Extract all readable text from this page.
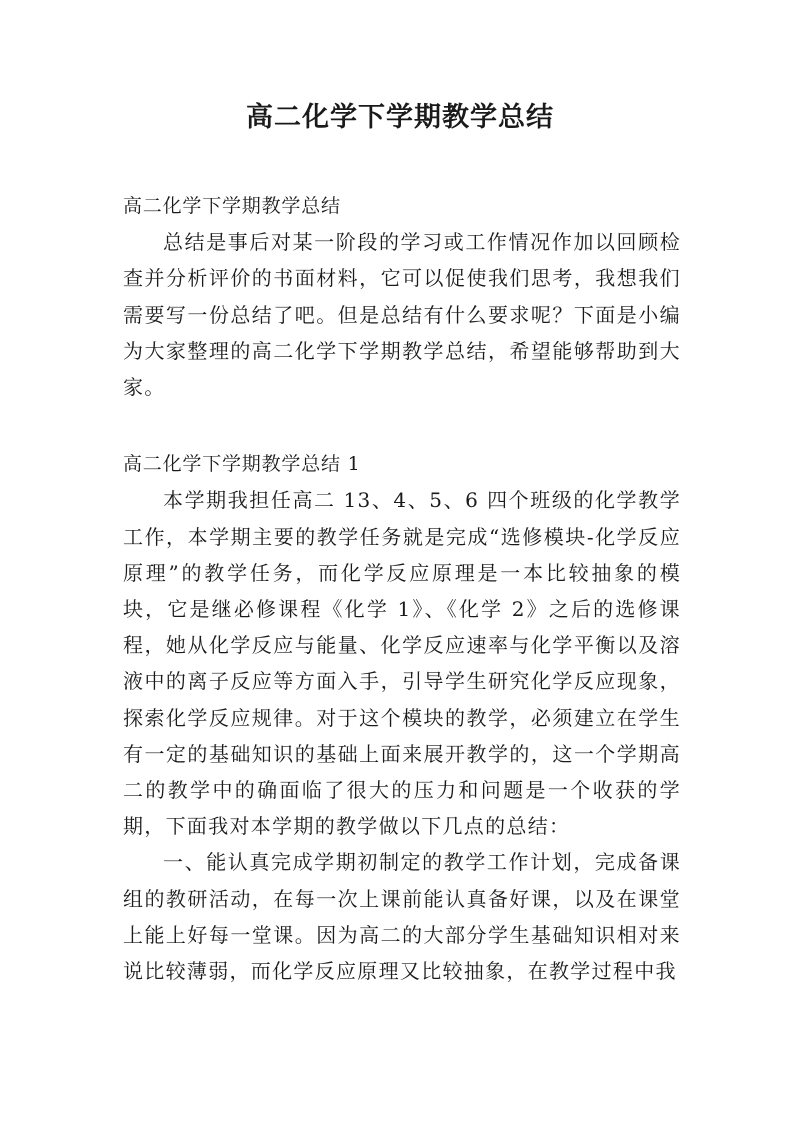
高二化学下学期教学总结

高二化学下学期教学总结

总结是事后对某一阶段的学习或工作情况作加以回顾检查并分析评价的书面材料，它可以促使我们思考，我想我们需要写一份总结了吧。但是总结有什么要求呢？下面是小编为大家整理的高二化学下学期教学总结，希望能够帮助到大家。

高二化学下学期教学总结 1

本学期我担任高二 13、4、5、6 四个班级的化学教学工作，本学期主要的教学任务就是完成“选修模块-化学反应原理”的教学任务，而化学反应原理是一本比较抽象的模块，它是继必修课程《化学 1》、《化学 2》之后的选修课程，她从化学反应与能量、化学反应速率与化学平衡以及溶液中的离子反应等方面入手，引导学生研究化学反应现象，探索化学反应规律。对于这个模块的教学，必须建立在学生有一定的基础知识的基础上面来展开教学的，这一个学期高二的教学中的确面临了很大的压力和问题是一个收获的学期，下面我对本学期的教学做以下几点的总结：

一、能认真完成学期初制定的教学工作计划，完成备课组的教研活动，在每一次上课前能认真备好课，以及在课堂上能上好每一堂课。因为高二的大部分学生基础知识相对来说比较薄弱，而化学反应原理又比较抽象，在教学过程中我
